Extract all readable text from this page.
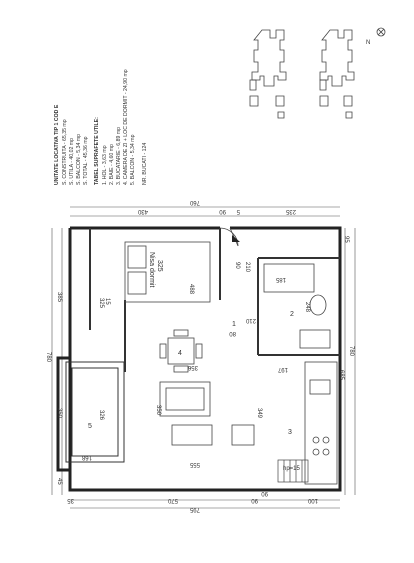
UNITATE LOCATIVA TIP 1 COD E S. CONSTRUITA - 65,35 mp S. UTILA - 40,02 mp S. BALCON - 5,34 mp S. TOTAL - 45,36 mp TABEL SUPRAFETE UTILE: 1. HOL - 3,63 mp 2. BAIE - 4,60 mp 3. BUCATARIE - 6,89 mp 4. CAMERA DE ZI + LOC DE DORMIT - 24,90 mp 5. BALCON - 5,34 mp NR. BUCATI - 124
N
hp=15
Nisa dormit 325
1
2
3
4
5
760
430	90 5	235
95
35	570	90	100
795
385
780
350
45
780
685
488
326
168
555
356
350	349
197
185
248
210
80
90 210
15
325
90
